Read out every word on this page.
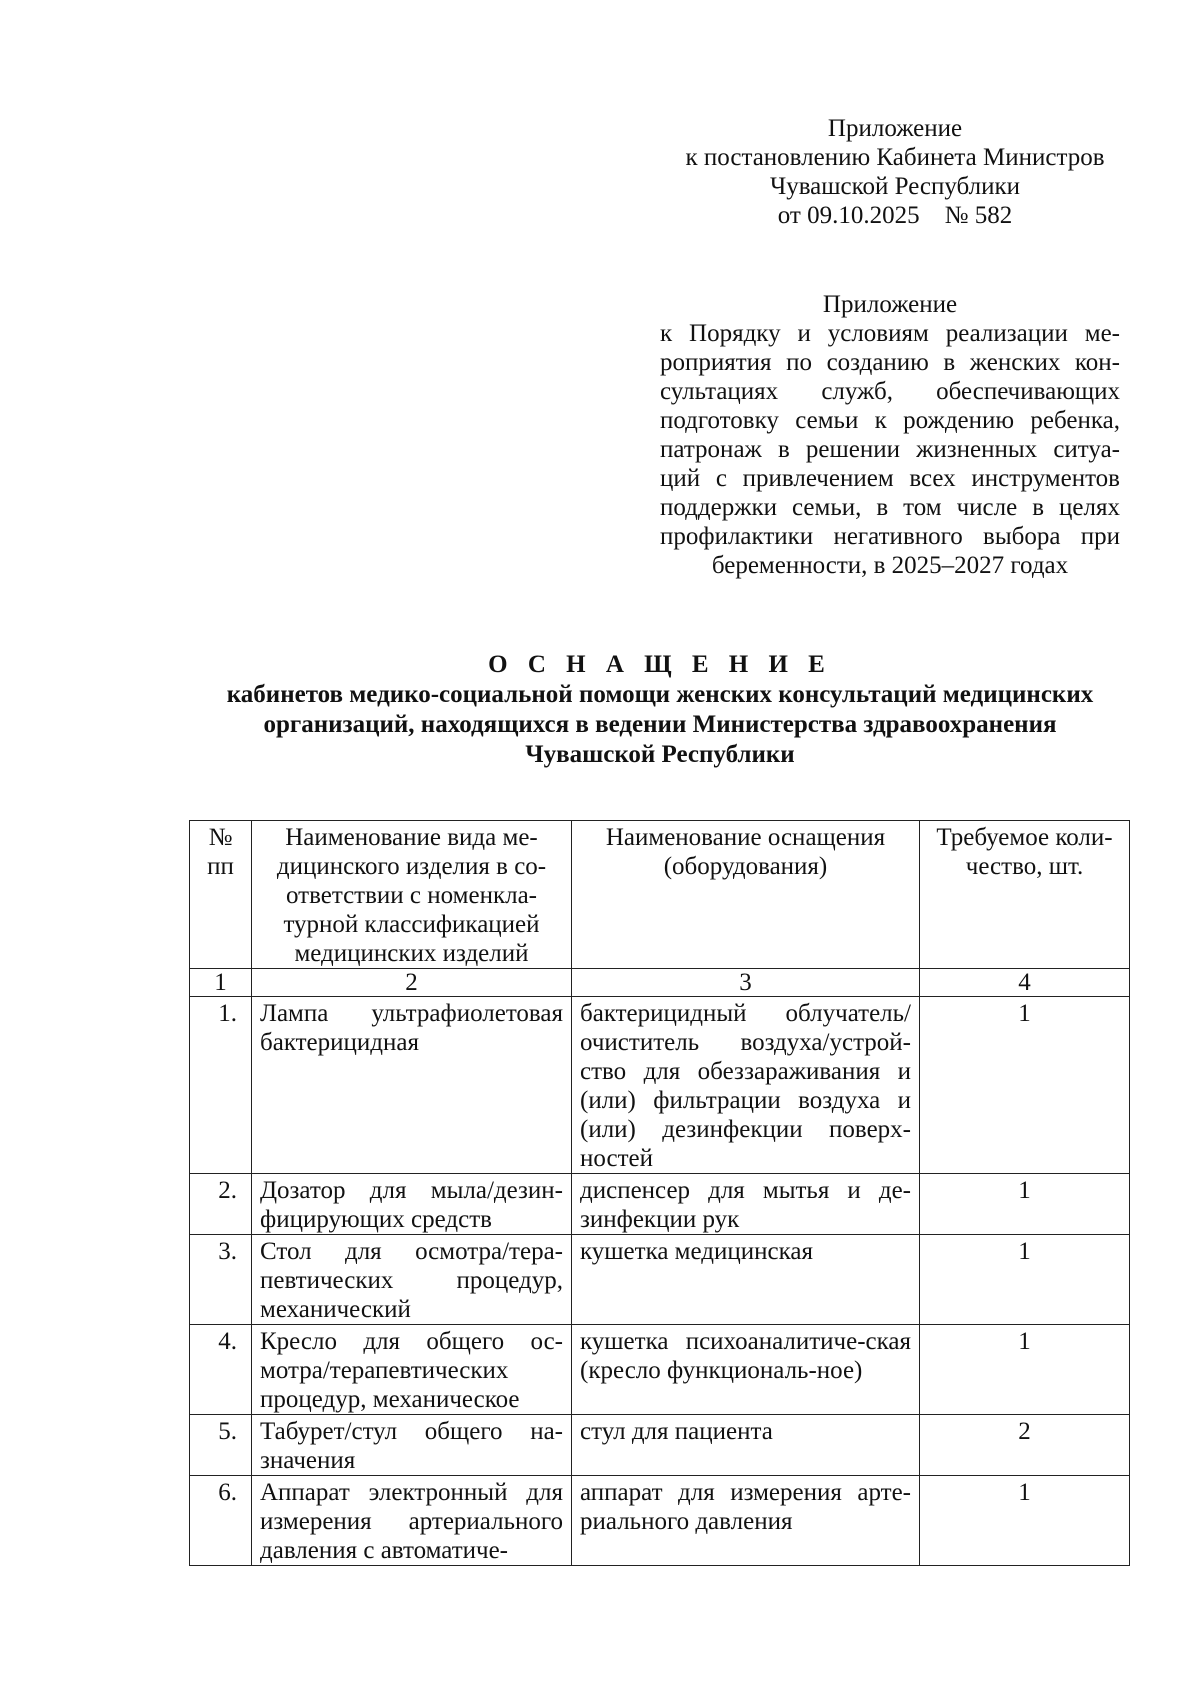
Приложение
к постановлению Кабинета Министров
Чувашской Республики
от 09.10.2025    № 582
Приложение
к Порядку и условиям реализации ме-
роприятия по созданию в женских кон-
сультациях служб, обеспечивающих
подготовку семьи к рождению ребенка,
патронаж в решении жизненных ситуа-
ций с привлечением всех инструментов
поддержки семьи, в том числе в целях
профилактики негативного выбора при
беременности, в 2025–2027 годах
О С Н А Щ Е Н И Е
кабинетов медико-социальной помощи женских консультаций медицинских
организаций, находящихся в ведении Министерства здравоохранения
Чувашской Республики
№ пп	Наименование вида ме-дицинского изделия в со-ответствии с номенкла-турной классификацией медицинских изделий	Наименование оснащения (оборудования)	Требуемое коли-чество, шт.
1	2	3	4
1.	Лампа ультрафиолетовая бактерицидная	бактерицидный облучатель/ очиститель воздуха/устрой-ство для обеззараживания и (или) фильтрации воздуха и (или) дезинфекции поверх-ностей	1
2.	Дозатор для мыла/дезин-фицирующих средств	диспенсер для мытья и де-зинфекции рук	1
3.	Стол для осмотра/тера-певтических процедур, механический	кушетка медицинская	1
4.	Кресло для общего ос-мотра/терапевтических процедур, механическое	кушетка психоаналитиче-ская (кресло функциональ-ное)	1
5.	Табурет/стул общего на-значения	стул для пациента	2
6.	Аппарат электронный для измерения артериального давления с автоматиче-	аппарат для измерения арте-риального давления	1
